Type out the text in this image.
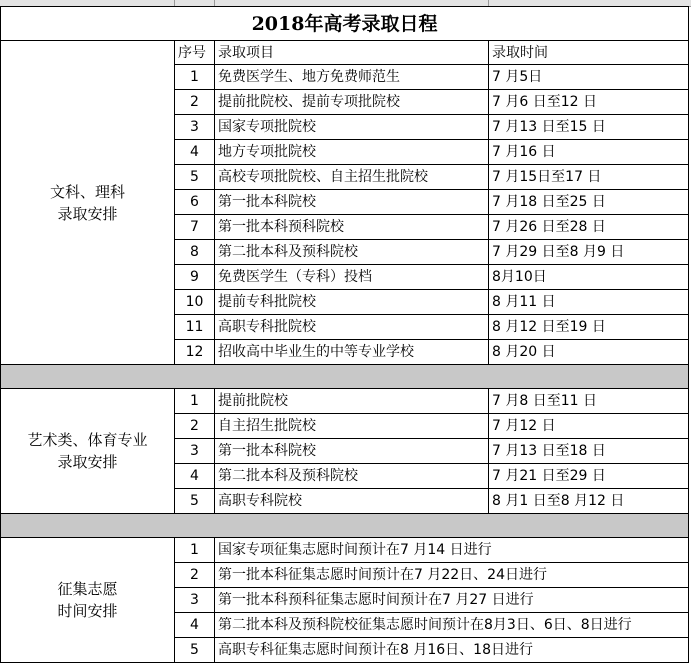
2018年高考录取日程			

文科、理科
录取安排	序号	录取项目	录取时间
	1	免费医学生、地方免费师范生	7 月5日
	2	提前批院校、提前专项批院校	7 月6 日至12 日
	3	国家专项批院校	7 月13 日至15 日
	4	地方专项批院校	7 月16 日
	5	高校专项批院校、自主招生批院校	7 月15日至17 日
	6	第一批本科院校	7 月18 日至25 日
	7	第一批本科预科院校	7 月26 日至28 日
	8	第二批本科及预科院校	7 月29 日至8 月9 日
	9	免费医学生（专科）投档	8月10日
	10	提前专科批院校	8 月11 日
	11	高职专科批院校	8 月12 日至19 日
	12	招收高中毕业生的中等专业学校	8 月20 日

艺术类、体育专业
录取安排	1	提前批院校	7 月8 日至11 日
	2	自主招生批院校	7 月12 日
	3	第一批本科院校	7 月13 日至18 日
	4	第二批本科及预科院校	7 月21 日至29 日
	5	高职专科院校	8 月1 日至8 月12 日

征集志愿
时间安排	1	国家专项征集志愿时间预计在7 月14 日进行	
	2	第一批本科征集志愿时间预计在7 月22日、24日进行	
	3	第一批本科预科征集志愿时间预计在7 月27 日进行	
	4	第二批本科及预科院校征集志愿时间预计在8月3日、6日、8日进行	
	5	高职专科征集志愿时间预计在8 月16日、18日进行	
